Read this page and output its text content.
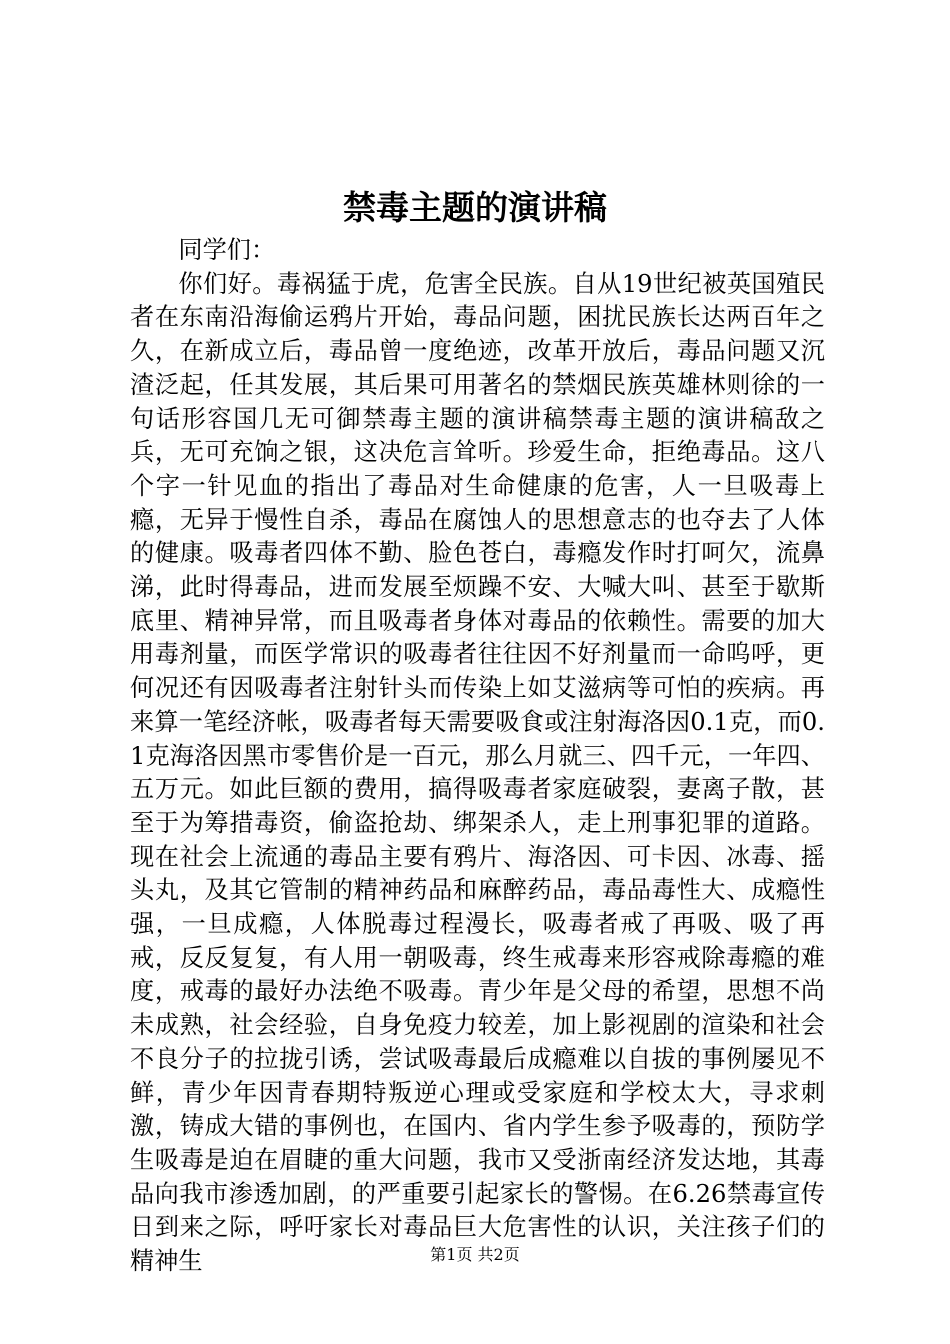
禁毒主题的演讲稿

同学们：

你们好。毒祸猛于虎，危害全民族。自从19世纪被英国殖民者在东南沿海偷运鸦片开始，毒品问题，困扰民族长达两百年之久，在新成立后，毒品曾一度绝迹，改革开放后，毒品问题又沉渣泛起，任其发展，其后果可用著名的禁烟民族英雄林则徐的一句话形容国几无可御禁毒主题的演讲稿禁毒主题的演讲稿敌之兵，无可充饷之银，这决危言耸听。珍爱生命，拒绝毒品。这八个字一针见血的指出了毒品对生命健康的危害，人一旦吸毒上瘾，无异于慢性自杀，毒品在腐蚀人的思想意志的也夺去了人体的健康。吸毒者四体不勤、脸色苍白，毒瘾发作时打呵欠，流鼻涕，此时得毒品，进而发展至烦躁不安、大喊大叫、甚至于歇斯底里、精神异常，而且吸毒者身体对毒品的依赖性。需要的加大用毒剂量，而医学常识的吸毒者往往因不好剂量而一命呜呼，更何况还有因吸毒者注射针头而传染上如艾滋病等可怕的疾病。再来算一笔经济帐，吸毒者每天需要吸食或注射海洛因0.1克，而0.1克海洛因黑市零售价是一百元，那么月就三、四千元，一年四、五万元。如此巨额的费用，搞得吸毒者家庭破裂，妻离子散，甚至于为筹措毒资，偷盗抢劫、绑架杀人，走上刑事犯罪的道路。现在社会上流通的毒品主要有鸦片、海洛因、可卡因、冰毒、摇头丸，及其它管制的精神药品和麻醉药品，毒品毒性大、成瘾性强，一旦成瘾，人体脱毒过程漫长，吸毒者戒了再吸、吸了再戒，反反复复，有人用一朝吸毒，终生戒毒来形容戒除毒瘾的难度，戒毒的最好办法绝不吸毒。青少年是父母的希望，思想不尚未成熟，社会经验，自身免疫力较差，加上影视剧的渲染和社会不良分子的拉拢引诱，尝试吸毒最后成瘾难以自拔的事例屡见不鲜，青少年因青春期特叛逆心理或受家庭和学校太大，寻求刺激，铸成大错的事例也，在国内、省内学生参予吸毒的，预防学生吸毒是迫在眉睫的重大问题，我市又受浙南经济发达地，其毒品向我市渗透加剧，的严重要引起家长的警惕。在6.26禁毒宣传日到来之际，呼吁家长对毒品巨大危害性的认识，关注孩子们的精神生	第1页 共2页
